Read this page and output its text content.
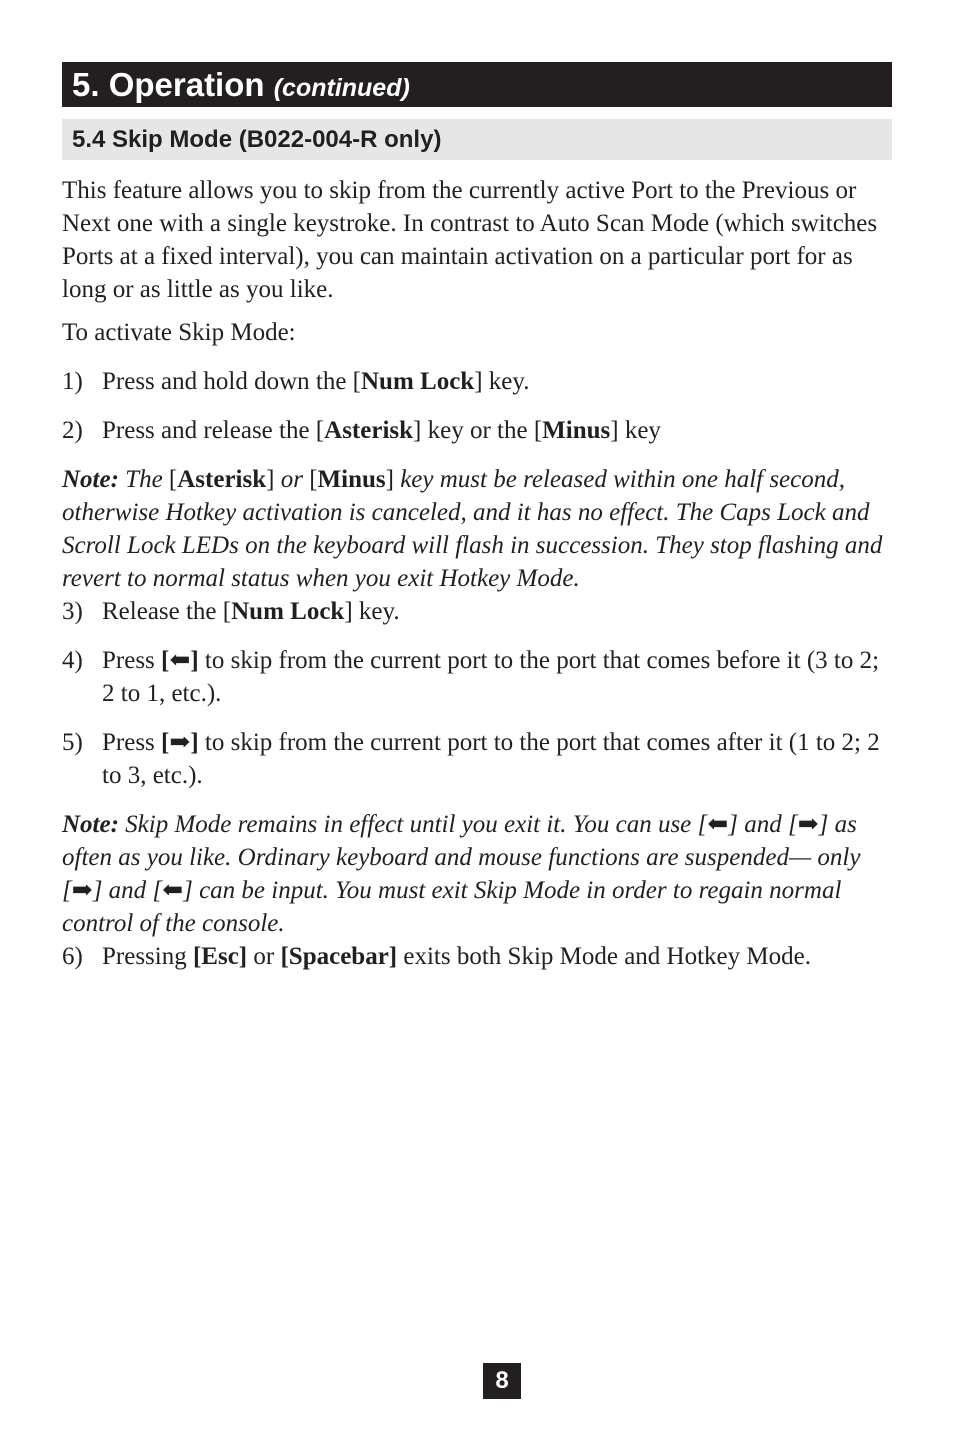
5. Operation (continued)
5.4 Skip Mode (B022-004-R only)

This feature allows you to skip from the currently active Port to the Previous or Next one with a single keystroke. In contrast to Auto Scan Mode (which switches Ports at a fixed interval), you can maintain activation on a particular port for as long or as little as you like.

To activate Skip Mode:

1) Press and hold down the [Num Lock] key.
2) Press and release the [Asterisk] key or the [Minus] key

Note: The [Asterisk] or [Minus] key must be released within one half second, otherwise Hotkey activation is canceled, and it has no effect. The Caps Lock and Scroll Lock LEDs on the keyboard will flash in succession. They stop flashing and revert to normal status when you exit Hotkey Mode.

3) Release the [Num Lock] key.
4) Press [⬅] to skip from the current port to the port that comes before it (3 to 2; 2 to 1, etc.).
5) Press [➡] to skip from the current port to the port that comes after it (1 to 2; 2 to 3, etc.).

Note: Skip Mode remains in effect until you exit it. You can use [⬅] and [➡] as often as you like. Ordinary keyboard and mouse functions are suspended— only [➡] and [⬅] can be input. You must exit Skip Mode in order to regain normal control of the console.

6) Pressing [Esc] or [Spacebar] exits both Skip Mode and Hotkey Mode.
8
